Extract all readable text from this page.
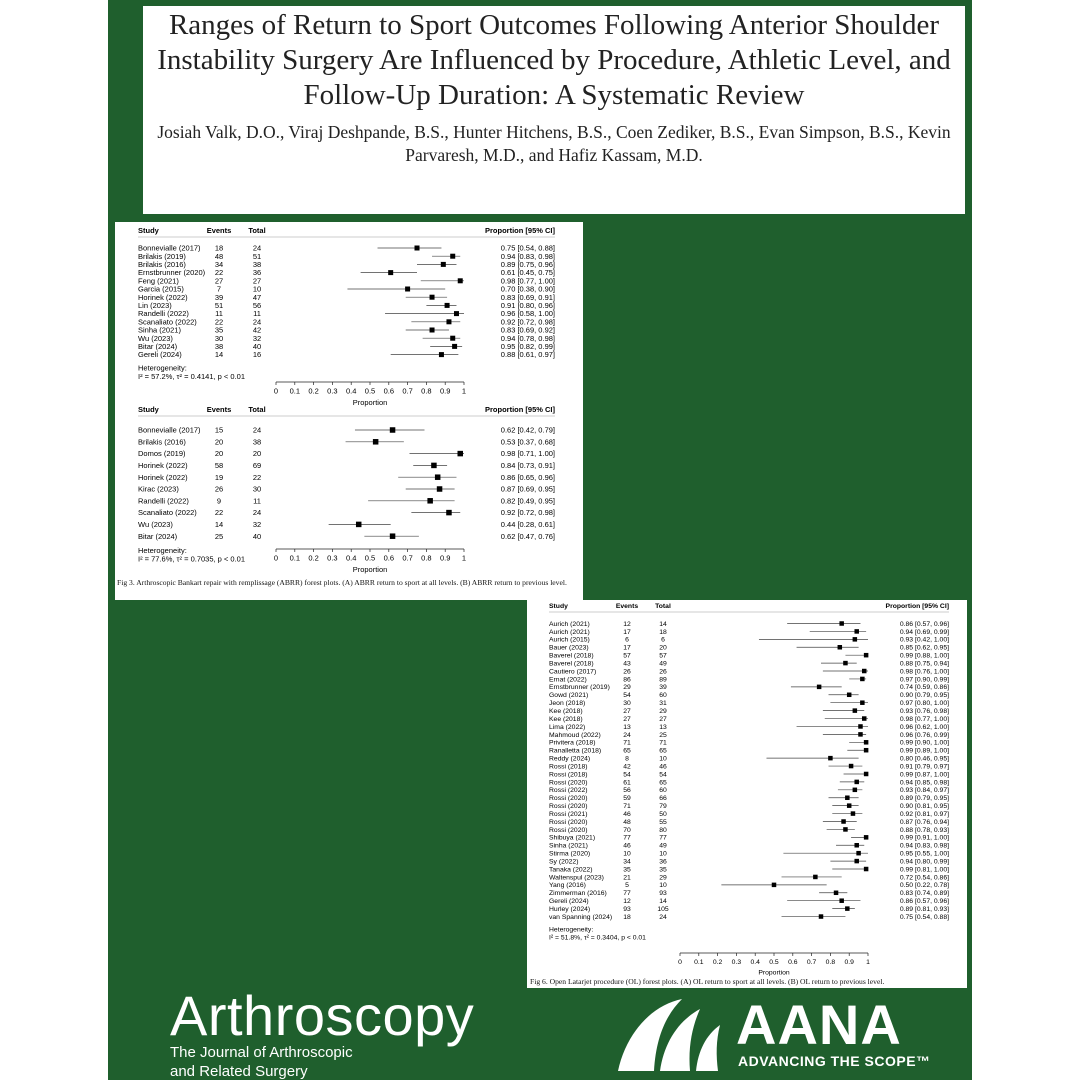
Ranges of Return to Sport Outcomes Following Anterior Shoulder Instability Surgery Are Influenced by Procedure, Athletic Level, and Follow-Up Duration: A Systematic Review
Josiah Valk, D.O., Viraj Deshpande, B.S., Hunter Hitchens, B.S., Coen Zediker, B.S., Evan Simpson, B.S., Kevin Parvaresh, M.D., and Hafiz Kassam, M.D.
Study	Events Total	Proportion [95% CI]
Bonnevialle (2017) 18	24	0.75 [0.54, 0.88]
Brilakis (2019)	48	51	0.94 [0.83, 0.98]
Brilakis (2016)	34	38	0.89 [0.75, 0.96]
Ernstbrunner (2020) 22	36	0.61 [0.45, 0.75]
Feng (2021)	27	27	0.98 [0.77, 1.00]
Garcia (2015)	7	10	0.70 [0.38, 0.90]
Horinek (2022)	39	47	0.83 [0.69, 0.91]
Lin (2023)	51	56	0.91 [0.80, 0.96]
Randelli (2022)	11	11	0.96 [0.58, 1.00]
Scanaliato (2022) 22	24	0.92 [0.72, 0.98]
Sinha (2021)	35	42	0.83 [0.69, 0.92]
Wu (2023)	30	32	0.94 [0.78, 0.98]
Bitar (2024)	38	40	0.95 [0.82, 0.99]
Gereli (2024)	14	16	0.88 [0.61, 0.97]
Heterogeneity:
I² = 57.2%, τ² = 0.4141, p < 0.01
0 0.1 0.2 0.3 0.4 0.5 0.6 0.7 0.8 0.9 1
Proportion
Study	Events Total	Proportion [95% CI]
Bonnevialle (2017) 15	24	0.62 [0.42, 0.79]
Brilakis (2016)	20	38	0.53 [0.37, 0.68]
Domos (2019)	20	20	0.98 [0.71, 1.00]
Horinek (2022)	58	69	0.84 [0.73, 0.91]
Horinek (2022)	19	22	0.86 [0.65, 0.96]
Kirac (2023)	26	30	0.87 [0.69, 0.95]
Randelli (2022)	9	11	0.82 [0.49, 0.95]
Scanaliato (2022) 22	24	0.92 [0.72, 0.98]
Wu (2023)	14	32	0.44 [0.28, 0.61]
Bitar (2024)	25	40	0.62 [0.47, 0.76]
Heterogeneity:
I² = 77.6%, τ² = 0.7035, p < 0.01	0 0.1 0.2 0.3 0.4 0.5 0.6 0.7 0.8 0.9 1
Proportion
Fig 3. Arthroscopic Bankart repair with remplissage (ABRR) forest plots. (A) ABRR return to sport at all levels. (B) ABRR return to previous level.
Study	Events Total	Proportion [95% CI]
Aurich (2021)	12	14	0.86 [0.57, 0.96]
Aurich (2021)	17	18	0.94 [0.69, 0.99]
Aurich (2015)	6	6	0.93 [0.42, 1.00]
Bauer (2023)	17	20	0.85 [0.62, 0.95]
Baverel (2018)	57	57	0.99 [0.88, 1.00]
Baverel (2018)	43	49	0.88 [0.75, 0.94]
Cautiero (2017)	26	26	0.98 [0.76, 1.00]
Ernat (2022)	86	89	0.97 [0.90, 0.99]
Ernstbrunner (2019) 29	39	0.74 [0.59, 0.86]
Gowd (2021)	54	60	0.90 [0.79, 0.95]
Jeon (2018)	30	31	0.97 [0.80, 1.00]
Kee (2018)	27	29	0.93 [0.76, 0.98]
Kee (2018)	27	27	0.98 [0.77, 1.00]
Lima (2022)	13	13	0.96 [0.62, 1.00]
Mahmoud (2022)	24	25	0.96 [0.76, 0.99]
Privitera (2018)	71	71	0.99 [0.90, 1.00]
Ranalletta (2018)	65	65	0.99 [0.89, 1.00]
Reddy (2024)	8	10	0.80 [0.46, 0.95]
Rossi (2018)	42	46	0.91 [0.79, 0.97]
Rossi (2018)	54	54	0.99 [0.87, 1.00]
Rossi (2020)	61	65	0.94 [0.85, 0.98]
Rossi (2022)	56	60	0.93 [0.84, 0.97]
Rossi (2020)	59	66	0.89 [0.79, 0.95]
Rossi (2020)	71	79	0.90 [0.81, 0.95]
Rossi (2021)	46	50	0.92 [0.81, 0.97]
Rossi (2020)	48	55	0.87 [0.76, 0.94]
Rossi (2020)	70	80	0.88 [0.78, 0.93]
Shibuya (2021)	77	77	0.99 [0.91, 1.00]
Sinha (2021)	46	49	0.94 [0.83, 0.98]
Stirma (2020)	10	10	0.95 [0.55, 1.00]
Sy (2022)	34	36	0.94 [0.80, 0.99]
Tanaka (2022)	35	35	0.99 [0.81, 1.00]
Waltenspul (2023)	21	29	0.72 [0.54, 0.86]
Yang (2016)	5	10	0.50 [0.22, 0.78]
Zimmerman (2016) 77	93	0.83 [0.74, 0.89]
Gereli (2024)	12	14	0.86 [0.57, 0.96]
Hurley (2024)	93	105	0.89 [0.81, 0.93]
van Spanning (2024) 18	24	0.75 [0.54, 0.88]
Heterogeneity:
I² = 51.8%, τ² = 0.3404, p < 0.01
0 0.1 0.2 0.3 0.4 0.5 0.6 0.7 0.8 0.9 1
Proportion
Fig 6. Open Latarjet procedure (OL) forest plots. (A) OL return to sport at all levels. (B) OL return to previous level.
Arthroscopy
The Journal of Arthroscopic
and Related Surgery
AANA
ADVANCING THE SCOPE™
